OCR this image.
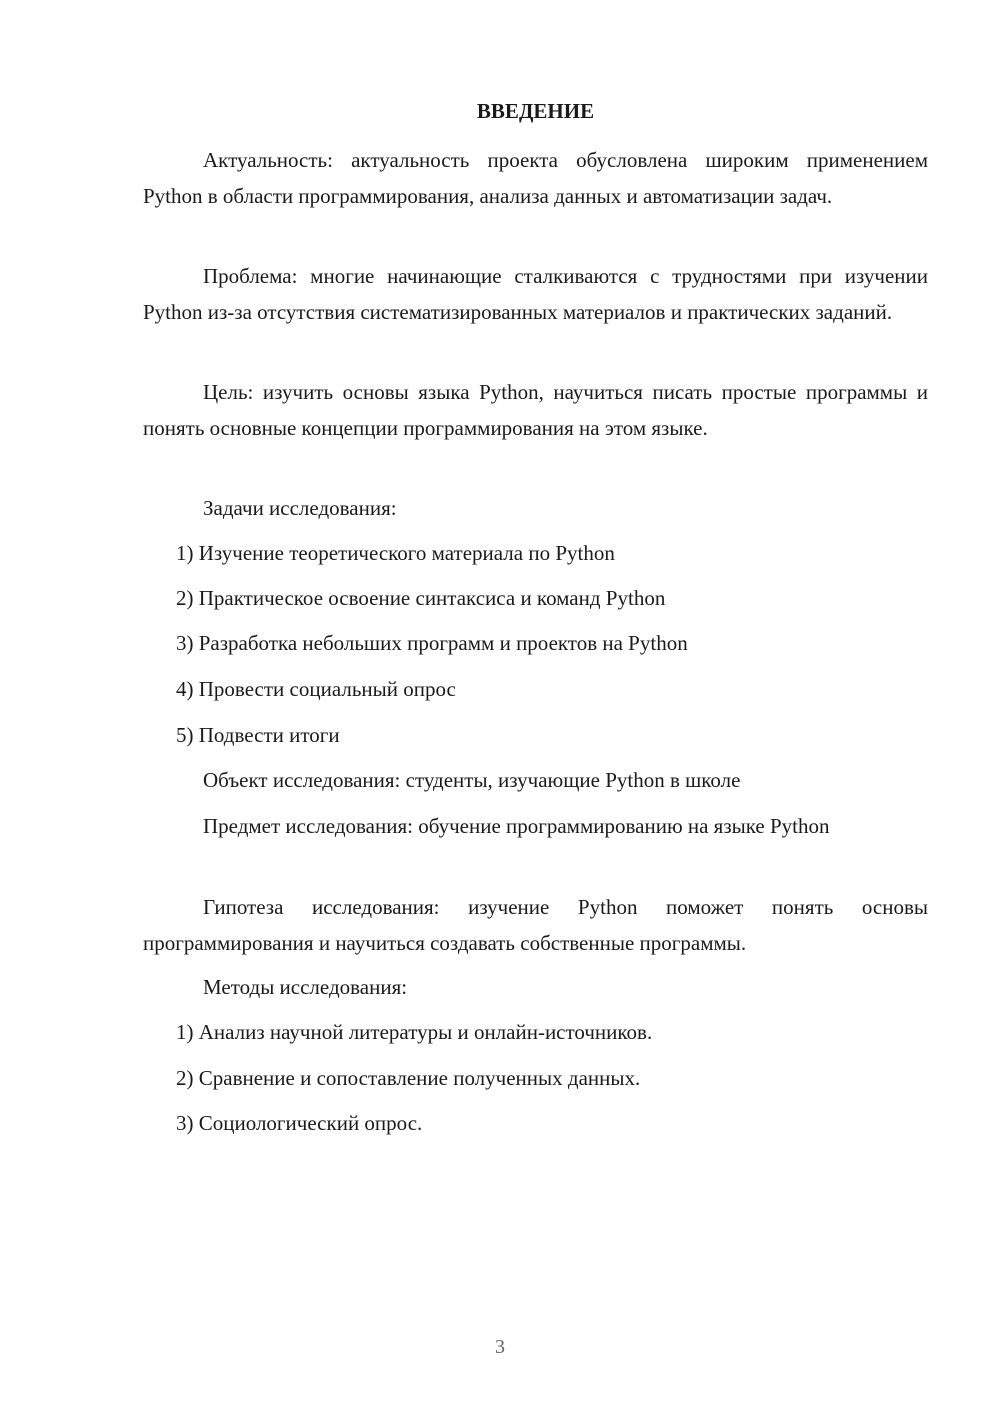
ВВЕДЕНИЕ

Актуальность: актуальность проекта обусловлена широким применением Python в области программирования, анализа данных и автоматизации задач.

Проблема: многие начинающие сталкиваются с трудностями при изучении Python из-за отсутствия систематизированных материалов и практических заданий.

Цель: изучить основы языка Python, научиться писать простые программы и понять основные концепции программирования на этом языке.

Задачи исследования:

1) Изучение теоретического материала по Python

2) Практическое освоение синтаксиса и команд Python

3) Разработка небольших программ и проектов на Python

4) Провести социальный опрос

5) Подвести итоги

Объект исследования: студенты, изучающие Python в школе

Предмет исследования: обучение программированию на языке Python

Гипотеза исследования: изучение Python поможет понять основы программирования и научиться создавать собственные программы.

Методы исследования:

1) Анализ научной литературы и онлайн-источников.

2) Сравнение и сопоставление полученных данных.

3) Социологический опрос.

3
